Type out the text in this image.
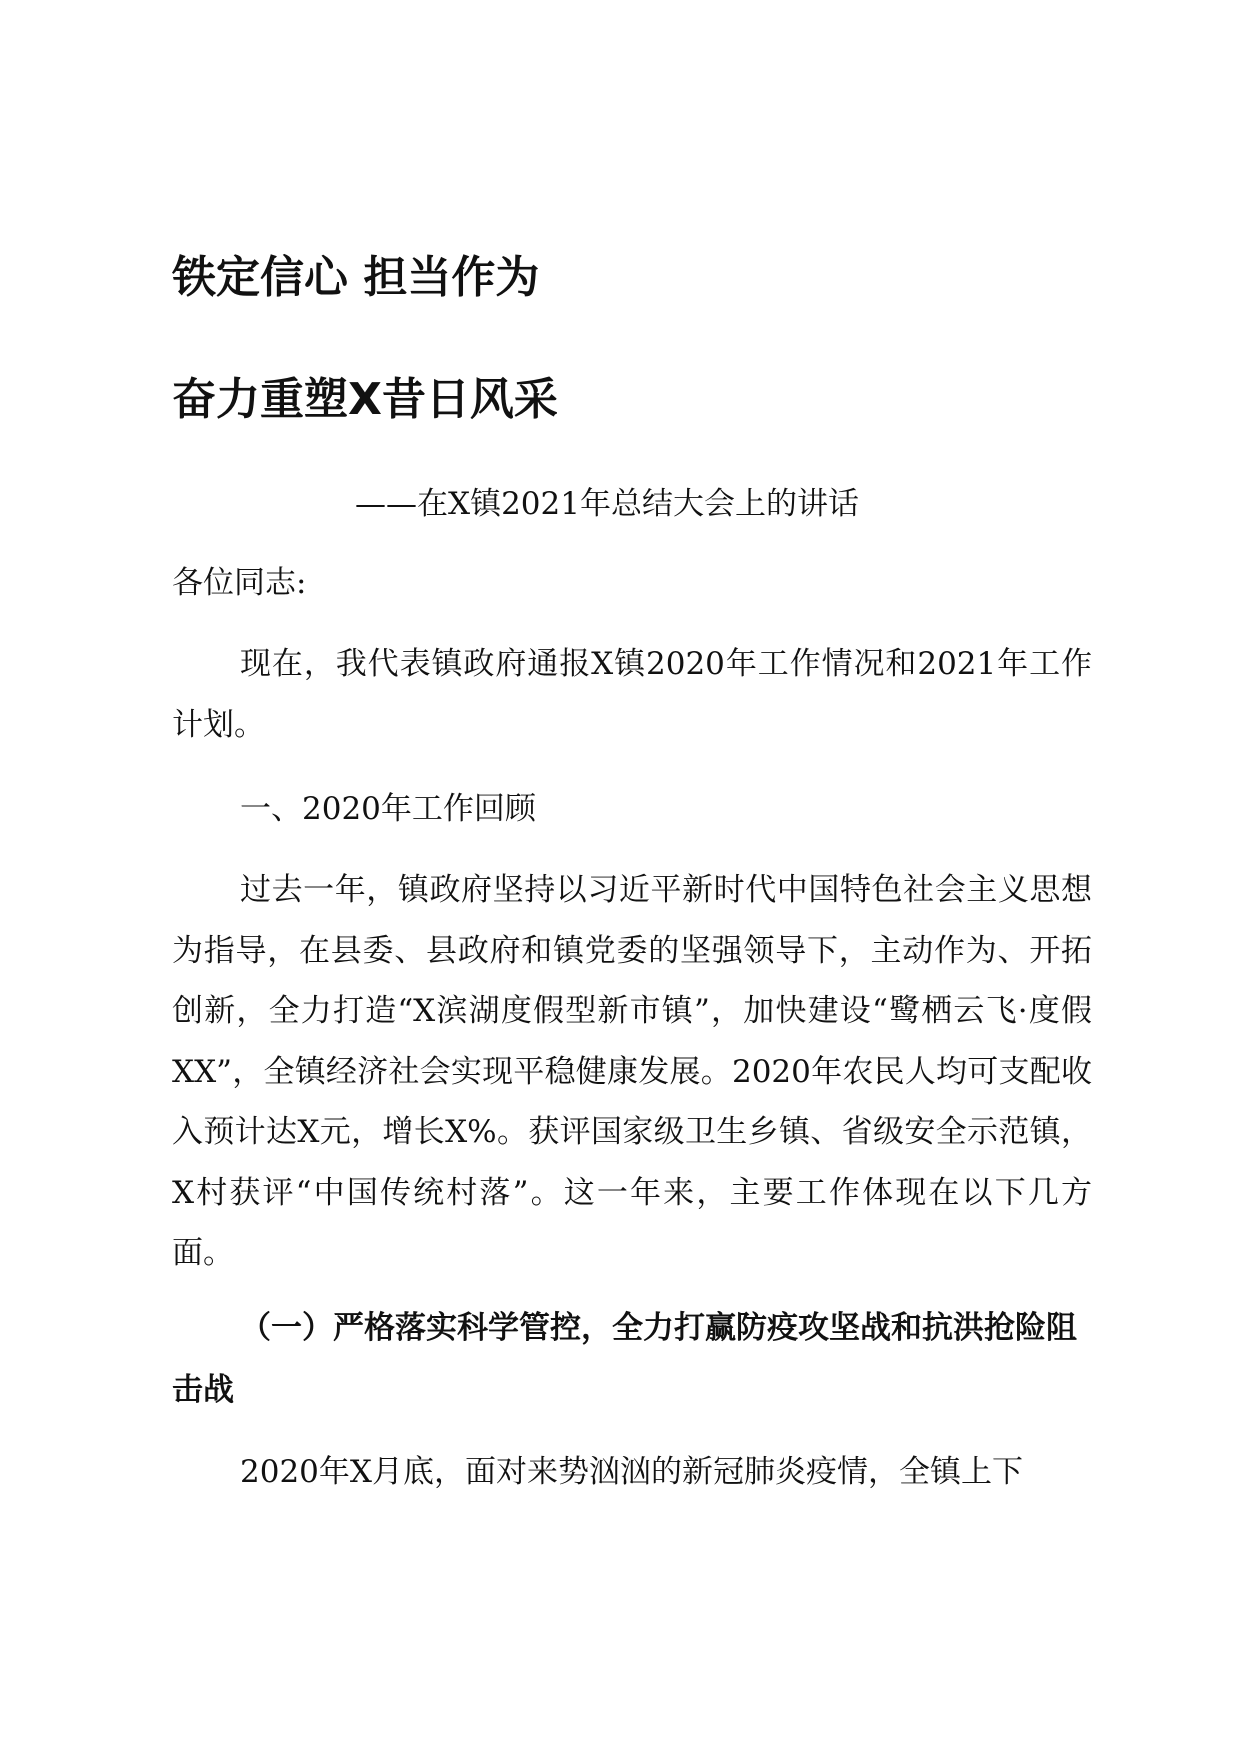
铁定信心 担当作为
奋力重塑X昔日风采
——在X镇2021年总结大会上的讲话
各位同志:

现在，我代表镇政府通报X镇2020年工作情况和2021年工作计划。

一、2020年工作回顾

过去一年，镇政府坚持以习近平新时代中国特色社会主义思想为指导，在县委、县政府和镇党委的坚强领导下，主动作为、开拓创新，全力打造“X滨湖度假型新市镇”，加快建设“鹭栖云飞·度假XX”，全镇经济社会实现平稳健康发展。2020年农民人均可支配收入预计达X元，增长X%。获评国家级卫生乡镇、省级安全示范镇，X村获评“中国传统村落”。这一年来，主要工作体现在以下几方面。

（一）严格落实科学管控，全力打赢防疫攻坚战和抗洪抢险阻击战

2020年X月底，面对来势汹汹的新冠肺炎疫情，全镇上下
